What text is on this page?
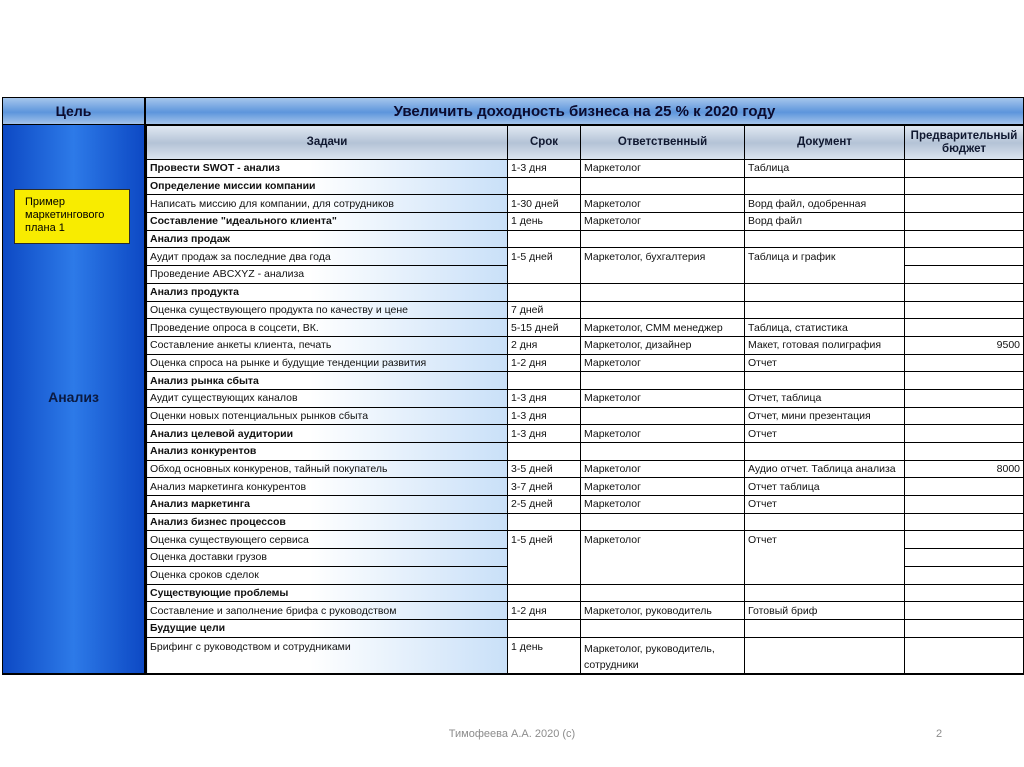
Цель	Увеличить доходность бизнеса на 25 % к 2020 году
Пример маркетингового плана 1
Анализ
Задачи	Срок	Ответственный	Документ	Предварительный бюджет
Провести SWOT - анализ	1-3 дня	Маркетолог	Таблица	
Определение миссии компании				
Написать миссию для компании, для сотрудников	1-30 дней	Маркетолог	Ворд файл, одобренная	
Составление "идеального клиента"	1 день	Маркетолог	Ворд файл	
Анализ продаж				
Аудит продаж за последние два года	1-5 дней	Маркетолог, бухгалтерия	Таблица и график	
Проведение ABCXYZ - анализа				
Анализ продукта				
Оценка существующего продукта по качеству и цене	7 дней			
Проведение опроса в соцсети, ВК.	5-15 дней	Маркетолог, СММ менеджер	Таблица, статистика	
Составление анкеты клиента, печать	2 дня	Маркетолог, дизайнер	Макет, готовая полиграфия	9500
Оценка спроса на рынке и будущие тенденции развития	1-2 дня	Маркетолог	Отчет	
Анализ рынка сбыта				
Аудит существующих каналов	1-3 дня	Маркетолог	Отчет, таблица	
Оценки новых потенциальных рынков сбыта	1-3 дня		Отчет, мини презентация	
Анализ целевой аудитории	1-3 дня	Маркетолог	Отчет	
Анализ конкурентов				
Обход основных конкуренов, тайный покупатель	3-5 дней	Маркетолог	Аудио отчет. Таблица анализа	8000
Анализ маркетинга конкурентов	3-7 дней	Маркетолог	Отчет таблица	
Анализ маркетинга	2-5 дней	Маркетолог	Отчет	
Анализ бизнес процессов				
Оценка существующего сервиса	1-5 дней	Маркетолог	Отчет	
Оценка доставки грузов				
Оценка сроков сделок				
Существующие проблемы				
Составление и заполнение брифа с руководством	1-2 дня	Маркетолог, руководитель	Готовый бриф	
Будущие цели				
Брифинг с руководством и сотрудниками	1 день	Маркетолог, руководитель, сотрудники		
Тимофеева А.А. 2020 (с)	2
